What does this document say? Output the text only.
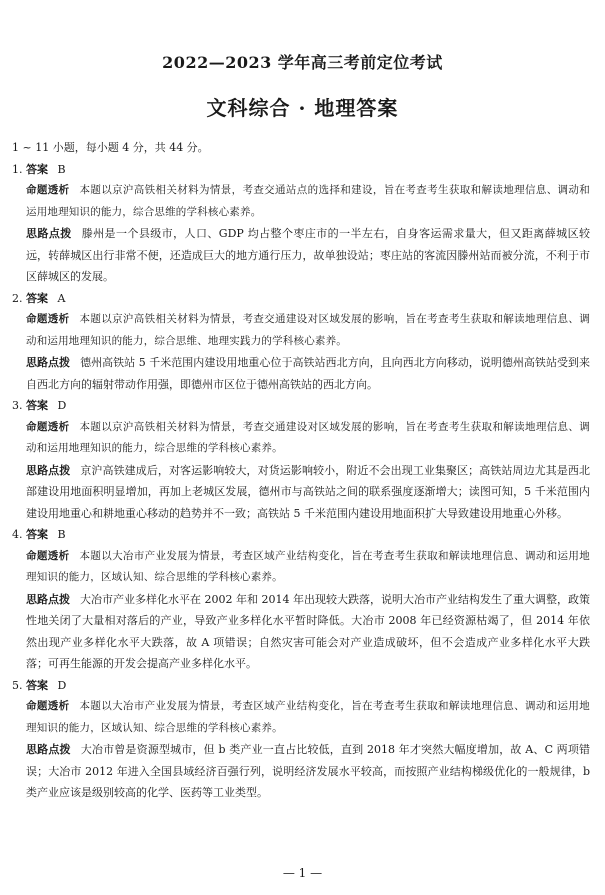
2022—2023 学年高三考前定位考试
文科综合 · 地理答案

1 ~ 11 小题，每小题 4 分，共 44 分。

1. 答案 B

命题透析 本题以京沪高铁相关材料为情景，考查交通站点的选择和建设，旨在考查考生获取和解读地理信息、调动和运用地理知识的能力，综合思维的学科核心素养。

思路点拨 滕州是一个县级市，人口、GDP 均占整个枣庄市的一半左右，自身客运需求量大，但又距离薛城区较远，转薛城区出行非常不便，还造成巨大的地方通行压力，故单独设站；枣庄站的客流因滕州站而被分流，不利于市区薛城区的发展。

2. 答案 A

命题透析 本题以京沪高铁相关材料为情景，考查交通建设对区域发展的影响，旨在考查考生获取和解读地理信息、调动和运用地理知识的能力，综合思维、地理实践力的学科核心素养。

思路点拨 德州高铁站 5 千米范围内建设用地重心位于高铁站西北方向，且向西北方向移动，说明德州高铁站受到来自西北方向的辐射带动作用强，即德州市区位于德州高铁站的西北方向。

3. 答案 D

命题透析 本题以京沪高铁相关材料为情景，考查交通建设对区域发展的影响，旨在考查考生获取和解读地理信息、调动和运用地理知识的能力，综合思维的学科核心素养。

思路点拨 京沪高铁建成后，对客运影响较大，对货运影响较小，附近不会出现工业集聚区；高铁站周边尤其是西北部建设用地面积明显增加，再加上老城区发展，德州市与高铁站之间的联系强度逐渐增大；读图可知，5 千米范围内建设用地重心和耕地重心移动的趋势并不一致；高铁站 5 千米范围内建设用地面积扩大导致建设用地重心外移。

4. 答案 B

命题透析 本题以大冶市产业发展为情景，考查区域产业结构变化，旨在考查考生获取和解读地理信息、调动和运用地理知识的能力，区域认知、综合思维的学科核心素养。

思路点拨 大冶市产业多样化水平在 2002 年和 2014 年出现较大跌落，说明大冶市产业结构发生了重大调整，政策性地关闭了大量相对落后的产业，导致产业多样化水平暂时降低。大冶市 2008 年已经资源枯竭了，但 2014 年依然出现产业多样化水平大跌落，故 A 项错误；自然灾害可能会对产业造成破坏，但不会造成产业多样化水平大跌落；可再生能源的开发会提高产业多样化水平。

5. 答案 D

命题透析 本题以大冶市产业发展为情景，考查区域产业结构变化，旨在考查考生获取和解读地理信息、调动和运用地理知识的能力，区域认知、综合思维的学科核心素养。

思路点拨 大冶市曾是资源型城市，但 b 类产业一直占比较低，直到 2018 年才突然大幅度增加，故 A、C 两项错误；大冶市 2012 年进入全国县域经济百强行列，说明经济发展水平较高，而按照产业结构梯级优化的一般规律，b 类产业应该是级别较高的化学、医药等工业类型。

— 1 —
